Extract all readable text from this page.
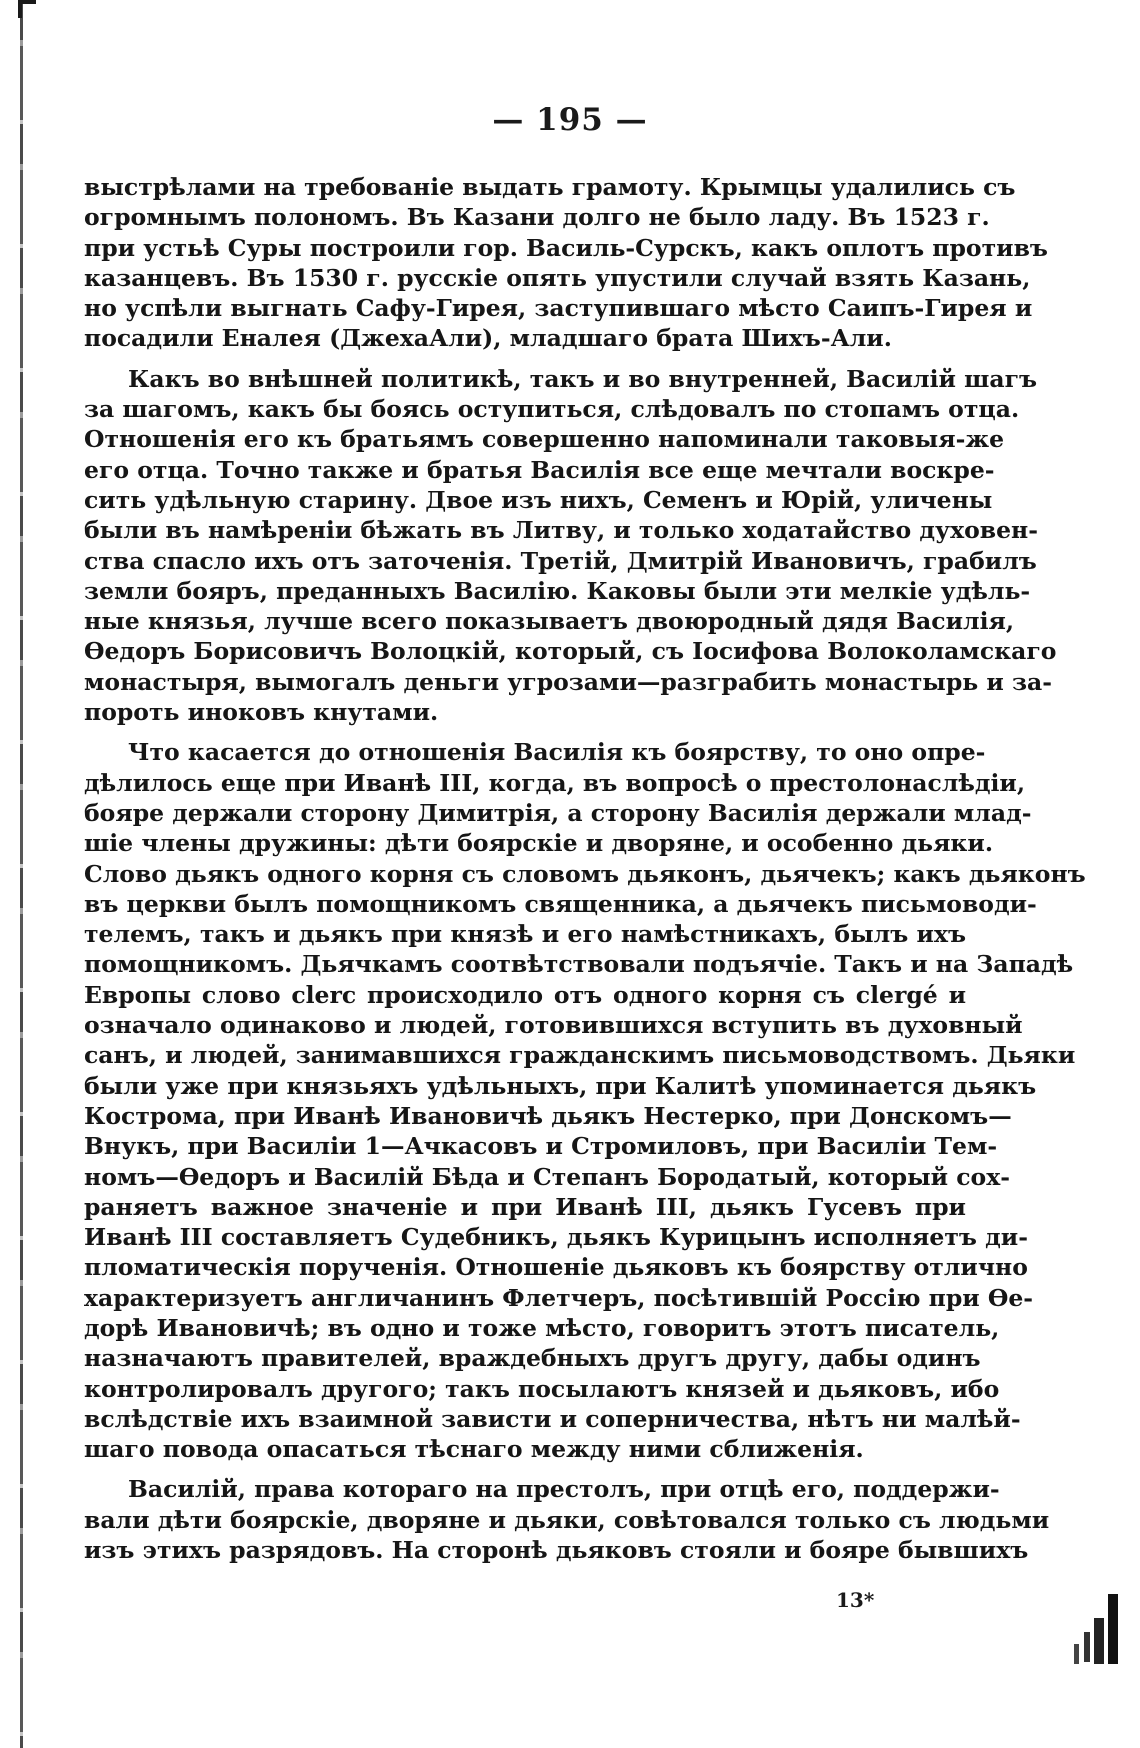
— 195 —
выстрѣлами на требованіе выдать грамоту. Крымцы удалились съ
огромнымъ полономъ. Въ Казани долго не было ладу. Въ 1523 г.
при устьѣ Суры построили гор. Василь-Сурскъ, какъ оплотъ противъ
казанцевъ. Въ 1530 г. русскіе опять упустили случай взять Казань,
но успѣли выгнать Сафу-Гирея, заступившаго мѣсто Саипъ-Гирея и
посадили Еналея (ДжехаАли), младшаго брата Шихъ-Али.
Какъ во внѣшней политикѣ, такъ и во внутренней, Василій шагъ
за шагомъ, какъ бы боясь оступиться, слѣдовалъ по стопамъ отца.
Отношенія его къ братьямъ совершенно напоминали таковыя-же
его отца. Точно также и братья Василія все еще мечтали воскре-
сить удѣльную старину. Двое изъ нихъ, Семенъ и Юрій, уличены
были въ намѣреніи бѣжать въ Литву, и только ходатайство духовен-
ства спасло ихъ отъ заточенія. Третій, Дмитрій Ивановичъ, грабилъ
земли бояръ, преданныхъ Василію. Каковы были эти мелкіе удѣль-
ные князья, лучше всего показываетъ двоюродный дядя Василія,
Ѳедоръ Борисовичъ Волоцкій, который, съ Іосифова Волоколамскаго
монастыря, вымогалъ деньги угрозами—разграбить монастырь и за-
пороть иноковъ кнутами.
Что касается до отношенія Василія къ боярству, то оно опре-
дѣлилось еще при Иванѣ III, когда, въ вопросѣ о престолонаслѣдіи,
бояре держали сторону Димитрія, а сторону Василія держали млад-
шіе члены дружины: дѣти боярскіе и дворяне, и особенно дьяки.
Слово дьякъ одного корня съ словомъ дьяконъ, дьячекъ; какъ дьяконъ
въ церкви былъ помощникомъ священника, а дьячекъ письмоводи-
телемъ, такъ и дьякъ при князѣ и его намѣстникахъ, былъ ихъ
помощникомъ. Дьячкамъ соотвѣтствовали подъячіе. Такъ и на Западѣ
Европы слово clerc происходило отъ одного корня съ clergé и
означало одинаково и людей, готовившихся вступить въ духовный
санъ, и людей, занимавшихся гражданскимъ письмоводствомъ. Дьяки
были уже при князьяхъ удѣльныхъ, при Калитѣ упоминается дьякъ
Кострома, при Иванѣ Ивановичѣ дьякъ Нестерко, при Донскомъ—
Внукъ, при Василіи 1—Ачкасовъ и Стромиловъ, при Василіи Тем-
номъ—Ѳедоръ и Василій Бѣда и Степанъ Бородатый, который сох-
раняетъ важное значеніе и при Иванѣ III, дьякъ Гусевъ при
Иванѣ III составляетъ Судебникъ, дьякъ Курицынъ исполняетъ ди-
пломатическія порученія. Отношеніе дьяковъ къ боярству отлично
характеризуетъ англичанинъ Флетчеръ, посѣтившій Россію при Ѳе-
дорѣ Ивановичѣ; въ одно и тоже мѣсто, говоритъ этотъ писатель,
назначаютъ правителей, враждебныхъ другъ другу, дабы одинъ
контролировалъ другого; такъ посылаютъ князей и дьяковъ, ибо
вслѣдствіе ихъ взаимной зависти и соперничества, нѣтъ ни малѣй-
шаго повода опасаться тѣснаго между ними сближенія.
Василій, права котораго на престолъ, при отцѣ его, поддержи-
вали дѣти боярскіе, дворяне и дьяки, совѣтовался только съ людьми
изъ этихъ разрядовъ. На сторонѣ дьяковъ стояли и бояре бывшихъ
13*
